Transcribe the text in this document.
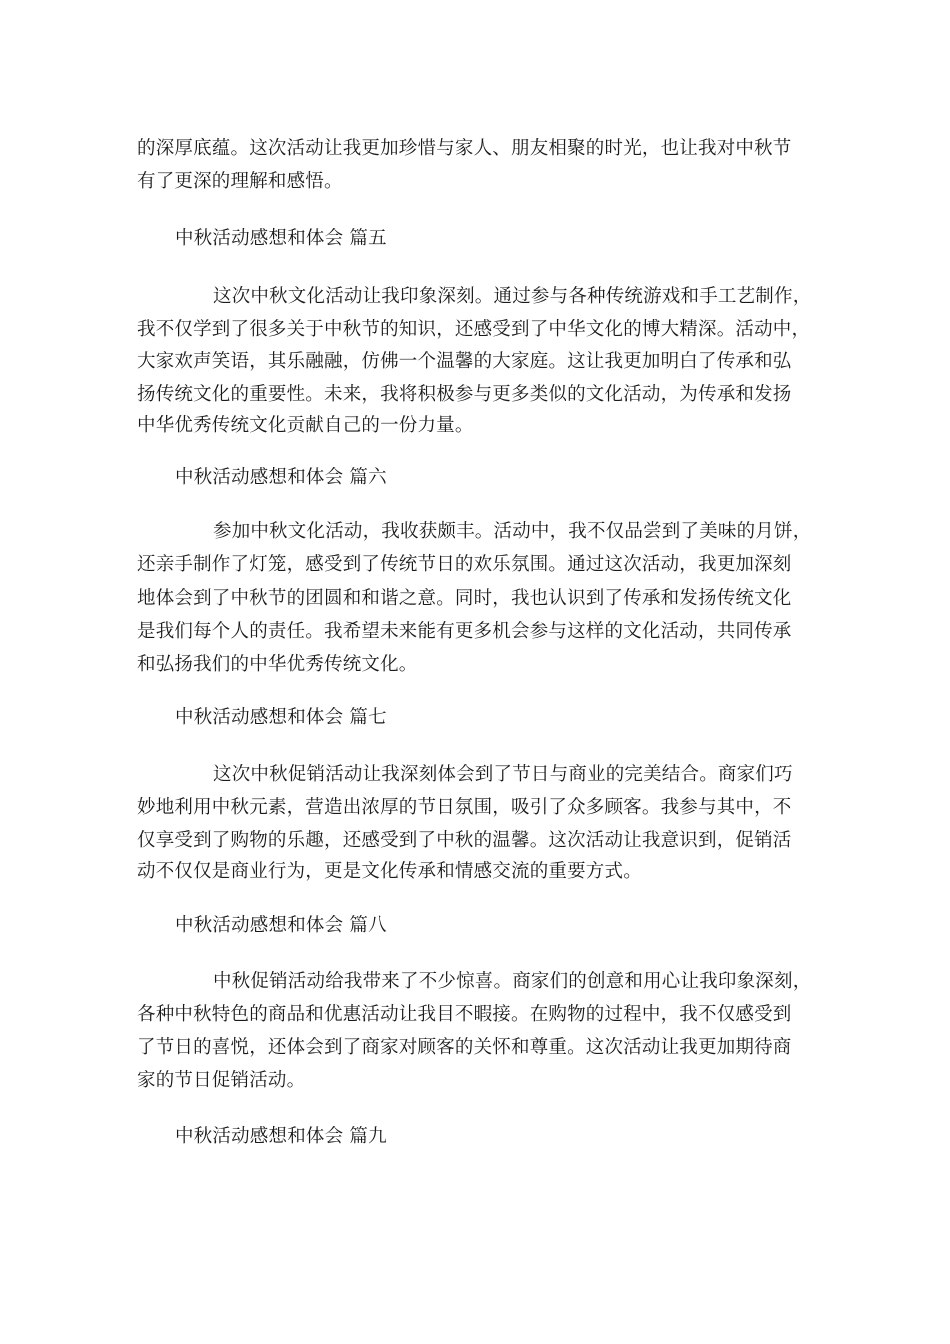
的深厚底蕴。这次活动让我更加珍惜与家人、朋友相聚的时光，也让我对中秋节
有了更深的理解和感悟。
中秋活动感想和体会 篇五
这次中秋文化活动让我印象深刻。通过参与各种传统游戏和手工艺制作，
我不仅学到了很多关于中秋节的知识，还感受到了中华文化的博大精深。活动中，
大家欢声笑语，其乐融融，仿佛一个温馨的大家庭。这让我更加明白了传承和弘
扬传统文化的重要性。未来，我将积极参与更多类似的文化活动，为传承和发扬
中华优秀传统文化贡献自己的一份力量。
中秋活动感想和体会 篇六
参加中秋文化活动，我收获颇丰。活动中，我不仅品尝到了美味的月饼，
还亲手制作了灯笼，感受到了传统节日的欢乐氛围。通过这次活动，我更加深刻
地体会到了中秋节的团圆和和谐之意。同时，我也认识到了传承和发扬传统文化
是我们每个人的责任。我希望未来能有更多机会参与这样的文化活动，共同传承
和弘扬我们的中华优秀传统文化。
中秋活动感想和体会 篇七
这次中秋促销活动让我深刻体会到了节日与商业的完美结合。商家们巧
妙地利用中秋元素，营造出浓厚的节日氛围，吸引了众多顾客。我参与其中，不
仅享受到了购物的乐趣，还感受到了中秋的温馨。这次活动让我意识到，促销活
动不仅仅是商业行为，更是文化传承和情感交流的重要方式。
中秋活动感想和体会 篇八
中秋促销活动给我带来了不少惊喜。商家们的创意和用心让我印象深刻，
各种中秋特色的商品和优惠活动让我目不暇接。在购物的过程中，我不仅感受到
了节日的喜悦，还体会到了商家对顾客的关怀和尊重。这次活动让我更加期待商
家的节日促销活动。
中秋活动感想和体会 篇九
